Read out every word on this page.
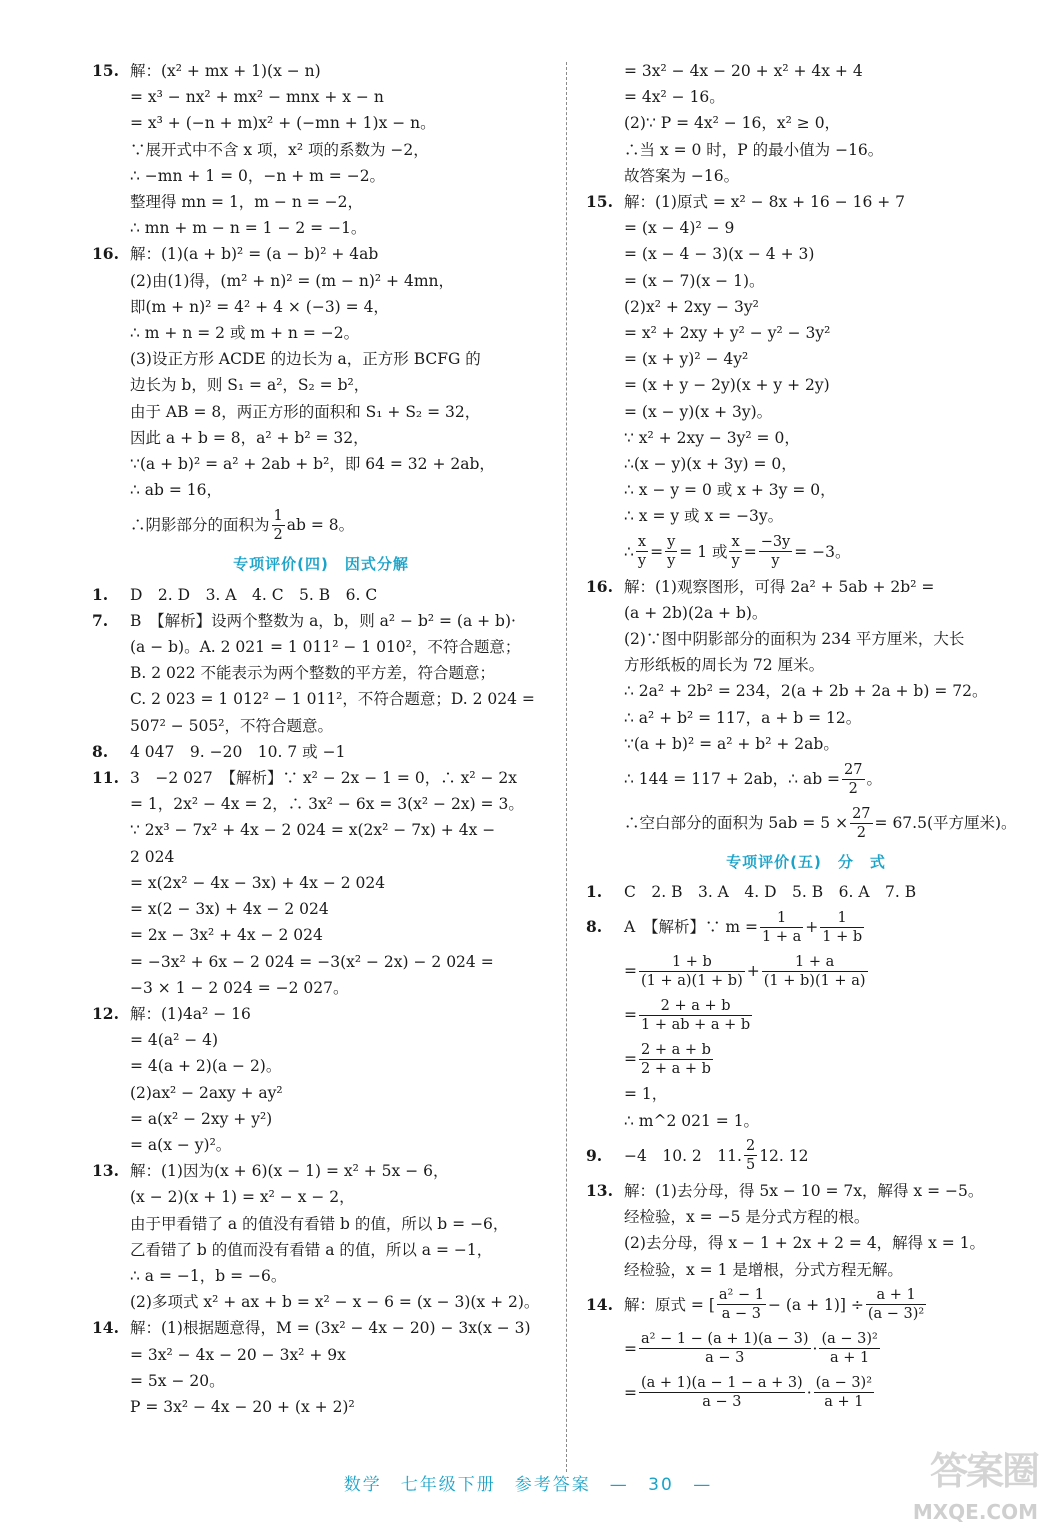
15. 解：(x² + mx + 1)(x − n)
= x³ − nx² + mx² − mnx + x − n
= x³ + (−n + m)x² + (−mn + 1)x − n。
∵展开式中不含 x 项，x² 项的系数为 −2，
∴ −mn + 1 = 0，−n + m = −2。
整理得 mn = 1，m − n = −2，
∴ mn + m − n = 1 − 2 = −1。
16. 解：(1)(a + b)² = (a − b)² + 4ab
(2)由(1)得，(m² + n)² = (m − n)² + 4mn，
即(m + n)² = 4² + 4 × (−3) = 4，
∴ m + n = 2 或 m + n = −2。
(3)设正方形 ACDE 的边长为 a，正方形 BCFG 的
边长为 b，则 S₁ = a²，S₂ = b²，
由于 AB = 8，两正方形的面积和 S₁ + S₂ = 32，
因此 a + b = 8，a² + b² = 32，
∵(a + b)² = a² + 2ab + b²，即 64 = 32 + 2ab，
∴ ab = 16，
∴阴影部分的面积为 $\frac{1}{2}$ ab = 8。
专项评价(四)　因式分解
1. D　2. D　3. A　4. C　5. B　6. C
7. B　【解析】设两个整数为 a，b，则 a² − b² = (a + b)·
(a − b)。A. 2 021 = 1 011² − 1 010²，不符合题意；
B. 2 022 不能表示为两个整数的平方差，符合题意；
C. 2 023 = 1 012² − 1 011²，不符合题意；D. 2 024 =
507² − 505²，不符合题意。
8. 4 047　9. −20　10. 7 或 −1
11. 3　−2 027　【解析】∵ x² − 2x − 1 = 0，∴ x² − 2x
= 1，2x² − 4x = 2，∴ 3x² − 6x = 3(x² − 2x) = 3。
∵ 2x³ − 7x² + 4x − 2 024 = x(2x² − 7x) + 4x −
2 024
= x(2x² − 4x − 3x) + 4x − 2 024
= x(2 − 3x) + 4x − 2 024
= 2x − 3x² + 4x − 2 024
= −3x² + 6x − 2 024 = −3(x² − 2x) − 2 024 =
−3 × 1 − 2 024 = −2 027。
12. 解：(1)4a² − 16
= 4(a² − 4)
= 4(a + 2)(a − 2)。
(2)ax² − 2axy + ay²
= a(x² − 2xy + y²)
= a(x − y)²。
13. 解：(1)因为(x + 6)(x − 1) = x² + 5x − 6，
(x − 2)(x + 1) = x² − x − 2，
由于甲看错了 a 的值没有看错 b 的值，所以 b = −6，
乙看错了 b 的值而没有看错 a 的值，所以 a = −1，
∴ a = −1，b = −6。
(2)多项式 x² + ax + b = x² − x − 6 = (x − 3)(x + 2)。
14. 解：(1)根据题意得，M = (3x² − 4x − 20) − 3x(x − 3)
= 3x² − 4x − 20 − 3x² + 9x
= 5x − 20。
P = 3x² − 4x − 20 + (x + 2)²
= 3x² − 4x − 20 + x² + 4x + 4
= 4x² − 16。
(2)∵ P = 4x² − 16，x² ≥ 0，
∴当 x = 0 时，P 的最小值为 −16。
故答案为 −16。
15. 解：(1)原式 = x² − 8x + 16 − 16 + 7
= (x − 4)² − 9
= (x − 4 − 3)(x − 4 + 3)
= (x − 7)(x − 1)。
(2)x² + 2xy − 3y²
= x² + 2xy + y² − y² − 3y²
= (x + y)² − 4y²
= (x + y − 2y)(x + y + 2y)
= (x − y)(x + 3y)。
∵ x² + 2xy − 3y² = 0，
∴(x − y)(x + 3y) = 0，
∴ x − y = 0 或 x + 3y = 0，
∴ x = y 或 x = −3y。
∴ $\frac{x}{y} = \frac{y}{y} = 1$ 或 $\frac{x}{y} = \frac{-3y}{y} = -3$。
16. 解：(1)观察图形，可得 2a² + 5ab + 2b² =
(a + 2b)(2a + b)。
(2)∵图中阴影部分的面积为 234 平方厘米，大长
方形纸板的周长为 72 厘米。
∴ 2a² + 2b² = 234，2(a + 2b + 2a + b) = 72。
∴ a² + b² = 117，a + b = 12。
∵(a + b)² = a² + b² + 2ab。
∴ 144 = 117 + 2ab，∴ ab = $\frac{27}{2}$ 。
∴空白部分的面积为 $5ab = 5 \times \frac{27}{2} = 67.5$(平方厘米)。
专项评价(五)　分　式
1. C　2. B　3. A　4. D　5. B　6. A　7. B
8.	A　【解析】∵ $m = \frac{1}{1 + a} + \frac{1}{1 + b}$
= $\frac{1 + b}{(1 + a)(1 + b)} + \frac{1 + a}{(1 + b)(1 + a)}$
= $\frac{2 + a + b}{1 + ab + a + b}$
= $\frac{2 + a + b}{2 + a + b}$
= 1，
∴ m^2 021 = 1。
9.	−4　10. 2　11. $\frac{2}{5} 12$. 12
13. 解：(1)去分母，得 5x − 10 = 7x，解得 x = −5。
经检验，x = −5 是分式方程的根。
(2)去分母，得 x − 1 + 2x + 2 = 4，解得 x = 1。
经检验，x = 1 是增根，分式方程无解。
14. 解：原式 = [ $\frac{\text{a² − 1}}{a - 3} - (a + 1)] \div \frac{a + 1}{\text{(a − 3)²}}$
= $\frac{\text{a² − 1 − (a + 1)(a − 3)}}{a - 3} \cdot \frac{\text{(a − 3)²}}{a + 1}$
= $\frac{(a + 1)(a - 1 - a + 3)}{a - 3} \cdot \frac{\text{(a − 3)²}}{a + 1}$
数学　七年级下册　参考答案　— 30 —	答案圈
MXQE.COM
